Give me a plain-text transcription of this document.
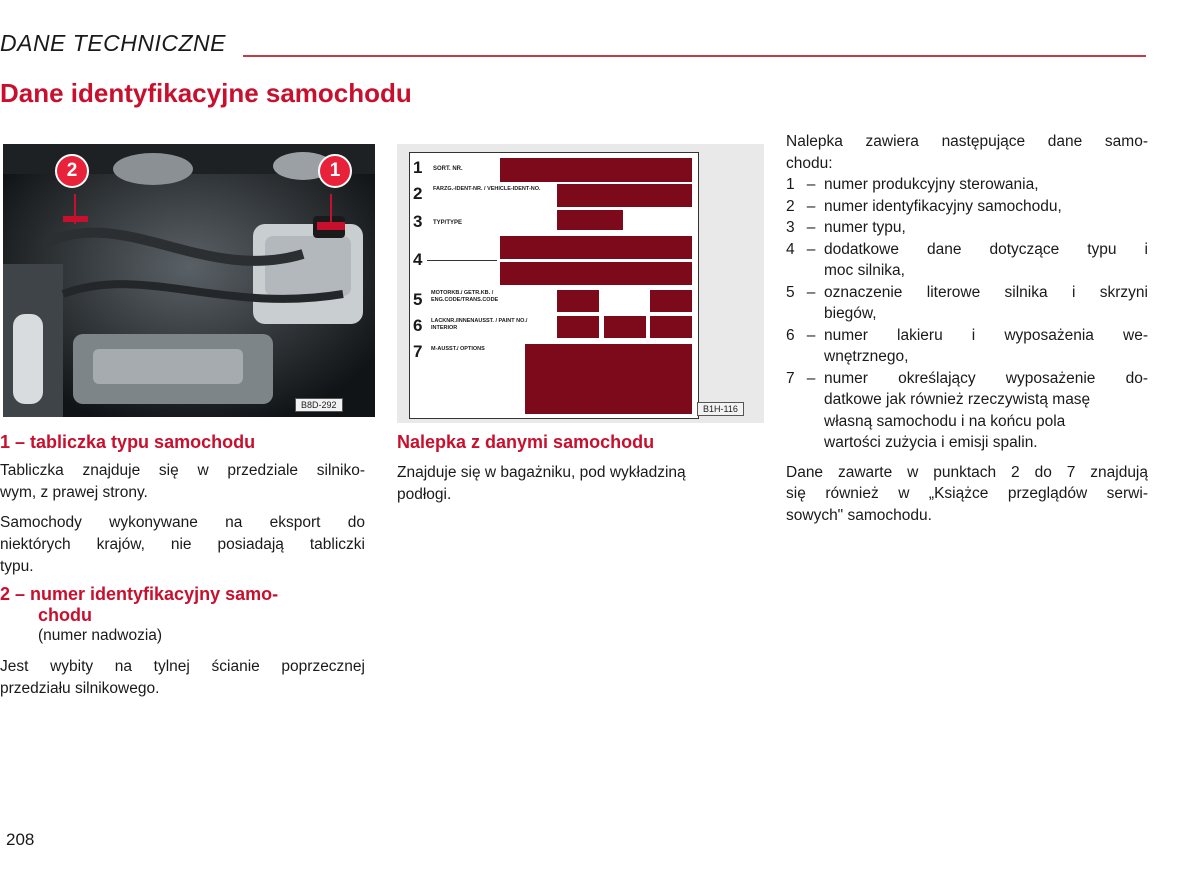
DANE TECHNICZNE
Dane identyfikacyjne samochodu
2	1
B8D-292
1 SORT. NR.
2 FARZG.-IDENT-NR. / VEHICLE-IDENT-NO.
3 TYP/TYPE
4
5 MOTORKB./ GETR.KB. / ENG.CODE/TRANS.CODE
6 LACKNR./INNENAUSST. / PAINT NO./ INTERIOR
7 M-AUSST./ OPTIONS
B1H-116
1 – tabliczka typu samochodu
Tabliczka znajduje się w przedziale silniko-
wym, z prawej strony.
Samochody wykonywane na eksport do
niektórych krajów, nie posiadają tabliczki
typu.
2 – numer identyfikacyjny samo-
chodu
(numer nadwozia)
Jest wybity na tylnej ścianie poprzecznej
przedziału silnikowego.
Nalepka z danymi samochodu
Znajduje się w bagażniku, pod wykładziną
podłogi.
Nalepka zawiera następujące dane samo-
chodu:
1 – numer produkcyjny sterowania,
2 – numer identyfikacyjny samochodu,
3 – numer typu,
4 – dodatkowe dane dotyczące typu i
moc silnika,
5 – oznaczenie literowe silnika i skrzyni
biegów,
6 – numer lakieru i wyposażenia we-
wnętrznego,
7 – numer określający wyposażenie do-
datkowe jak również rzeczywistą masę
własną samochodu i na końcu pola
wartości zużycia i emisji spalin.
Dane zawarte w punktach 2 do 7 znajdują
się również w „Książce przeglądów serwi-
sowych" samochodu.
208
